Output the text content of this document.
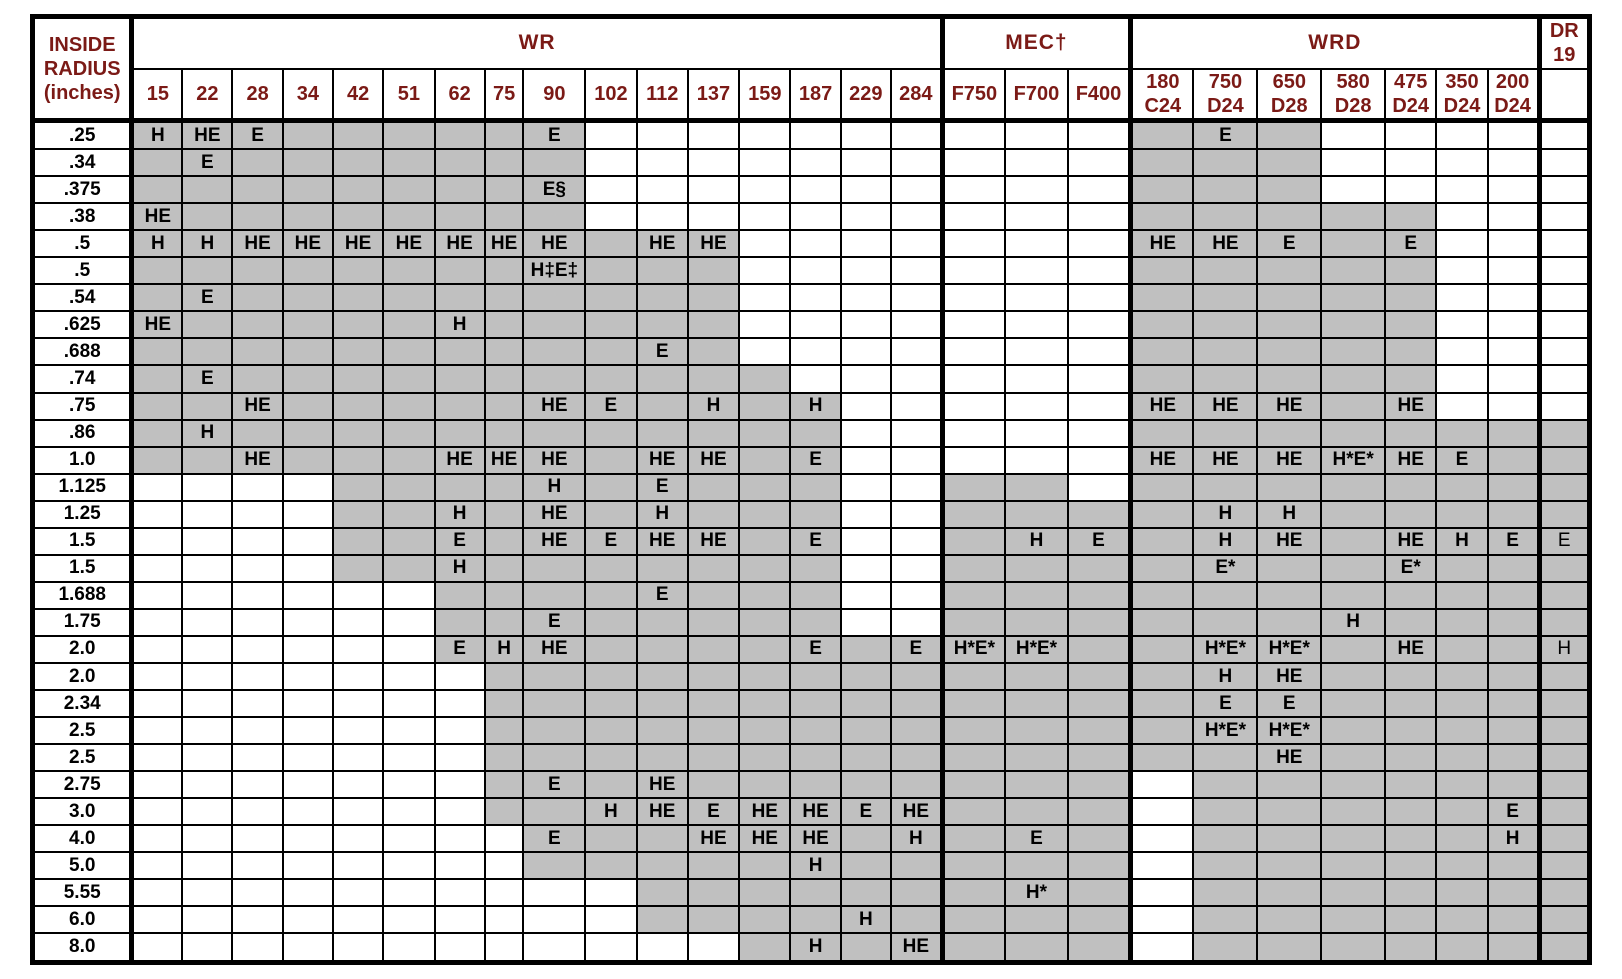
INSIDE RADIUS (inches)	WR																MEC†			WRD							DR 19
	15	22	28	34	42	51	62	75	90	102	112	137	159	187	229	284	F750	F700	F400	180 C24	750 D24	650 D28	580 D28	475 D24	350 D24	200 D24	
.25	H	HE	E						E												E						
.34		E																									
.375									E§																		
.38	HE																										
.5	H	H	HE	HE	HE	HE	HE	HE	HE		HE	HE								HE	HE	E		E			
.5									H‡E‡																		
.54		E																									
.625	HE						H																				
.688											E																
.74		E																									
.75			HE						HE	E		H		H						HE	HE	HE		HE			
.86		H																									
1.0			HE				HE	HE	HE		HE	HE		E						HE	HE	HE	H*E*	HE	E		
1.125									H		E																
1.25							H		HE		H										H	H					
1.5							E		HE	E	HE	HE		E				H	E		H	HE		HE	H	E	E
1.5							H														E*			E*			
1.688											E																
1.75									E														H				
2.0							E	H	HE					E		E	H*E*	H*E*			H*E*	H*E*		HE			H
2.0																					H	HE					
2.34																					E	E					
2.5																					H*E*	H*E*					
2.5																						HE					
2.75									E		HE																
3.0										H	HE	E	HE	HE	E	HE										E	
4.0									E			HE	HE	HE		H		E								H	
5.0														H													
5.55																		H*									
6.0															H												
8.0														H		HE											
